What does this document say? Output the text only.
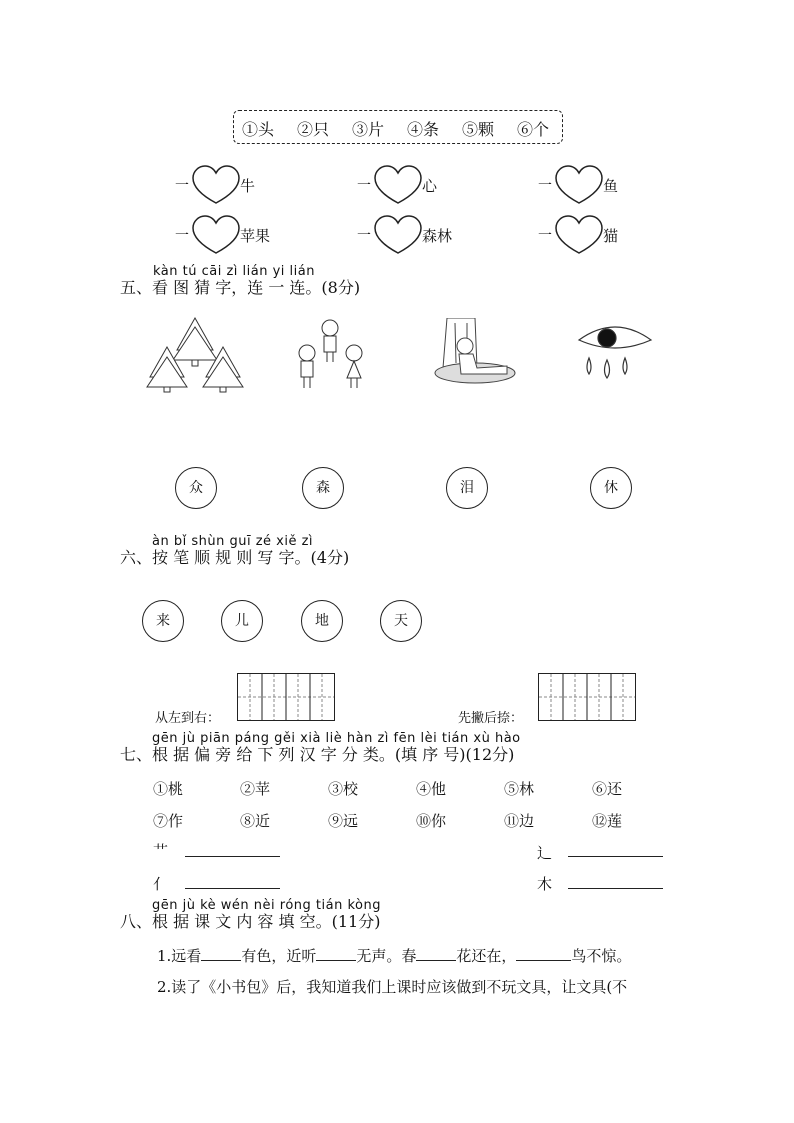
①头 ②只 ③片 ④条 ⑤颗 ⑥个
一	牛	一	心	一	鱼
一	苹果	一	森林	一	猫
kàn tú cāi zì lián yi lián
五、看 图 猜 字，连 一 连。(8分)
众	森	泪	休
àn bǐ shùn guī zé xiě zì
六、按 笔 顺 规 则 写 字。(4分)
来	儿	地	天
从左到右：	先撇后捺：
gēn jù piān páng gěi xià liè hàn zì fēn lèi tián xù hào
七、根 据 偏 旁 给 下 列 汉 字 分 类。(填 序 号)(12分)
①桃	②苹	③校	④他	⑤林	⑥还
⑦作	⑧近	⑨远	⑩你	⑪边	⑫莲
艹	辶
亻	木
gēn jù kè wén nèi róng tián kòng
八、根 据 课 文 内 容 填 空。(11分)
1.远看	有色，近听	无声。春	花还在，	鸟不惊。
2.读了《小书包》后，我知道我们上课时应该做到不玩文具，让文具(不
